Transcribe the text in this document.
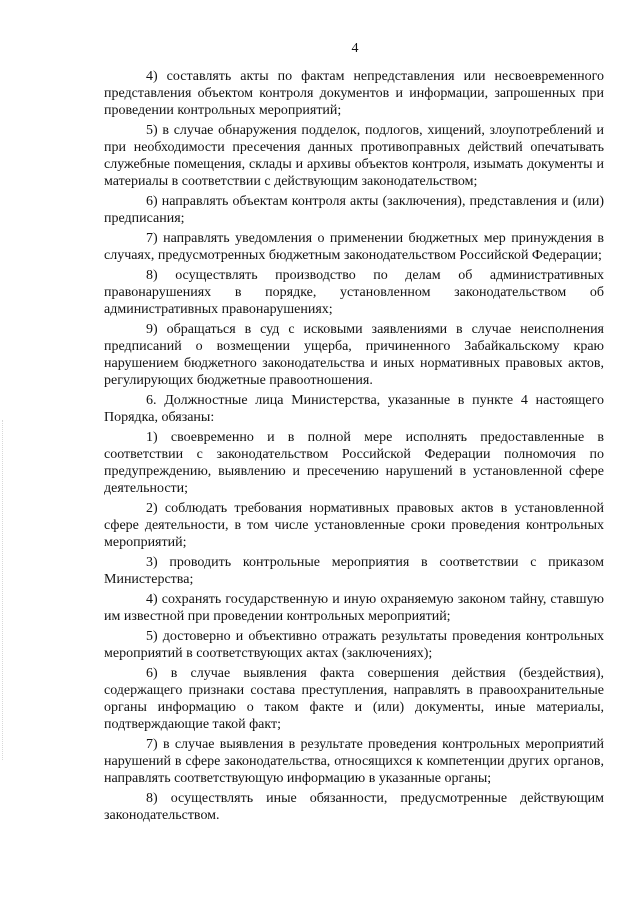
4

4) составлять акты по фактам непредставления или несвоевременного представления объектом контроля документов и информации, запрошенных при проведении контрольных мероприятий;

5) в случае обнаружения подделок, подлогов, хищений, злоупотреблений и при необходимости пресечения данных противоправных действий опечатывать служебные помещения, склады и архивы объектов контроля, изымать документы и материалы в соответствии с действующим законодательством;

6) направлять объектам контроля акты (заключения), представления и (или) предписания;

7) направлять уведомления о применении бюджетных мер принуждения в случаях, предусмотренных бюджетным законодательством Российской Федерации;

8) осуществлять производство по делам об административных правонарушениях в порядке, установленном законодательством об административных правонарушениях;

9) обращаться в суд с исковыми заявлениями в случае неисполнения предписаний о возмещении ущерба, причиненного Забайкальскому краю нарушением бюджетного законодательства и иных нормативных правовых актов, регулирующих бюджетные правоотношения.

6. Должностные лица Министерства, указанные в пункте 4 настоящего Порядка, обязаны:

1) своевременно и в полной мере исполнять предоставленные в соответствии с законодательством Российской Федерации полномочия по предупреждению, выявлению и пресечению нарушений в установленной сфере деятельности;

2) соблюдать требования нормативных правовых актов в установленной сфере деятельности, в том числе установленные сроки проведения контрольных мероприятий;

3) проводить контрольные мероприятия в соответствии с приказом Министерства;

4) сохранять государственную и иную охраняемую законом тайну, ставшую им известной при проведении контрольных мероприятий;

5) достоверно и объективно отражать результаты проведения контрольных мероприятий в соответствующих актах (заключениях);

6) в случае выявления факта совершения действия (бездействия), содержащего признаки состава преступления, направлять в правоохранительные органы информацию о таком факте и (или) документы, иные материалы, подтверждающие такой факт;

7) в случае выявления в результате проведения контрольных мероприятий нарушений в сфере законодательства, относящихся к компетенции других органов, направлять соответствующую информацию в указанные органы;

8) осуществлять иные обязанности, предусмотренные действующим законодательством.
